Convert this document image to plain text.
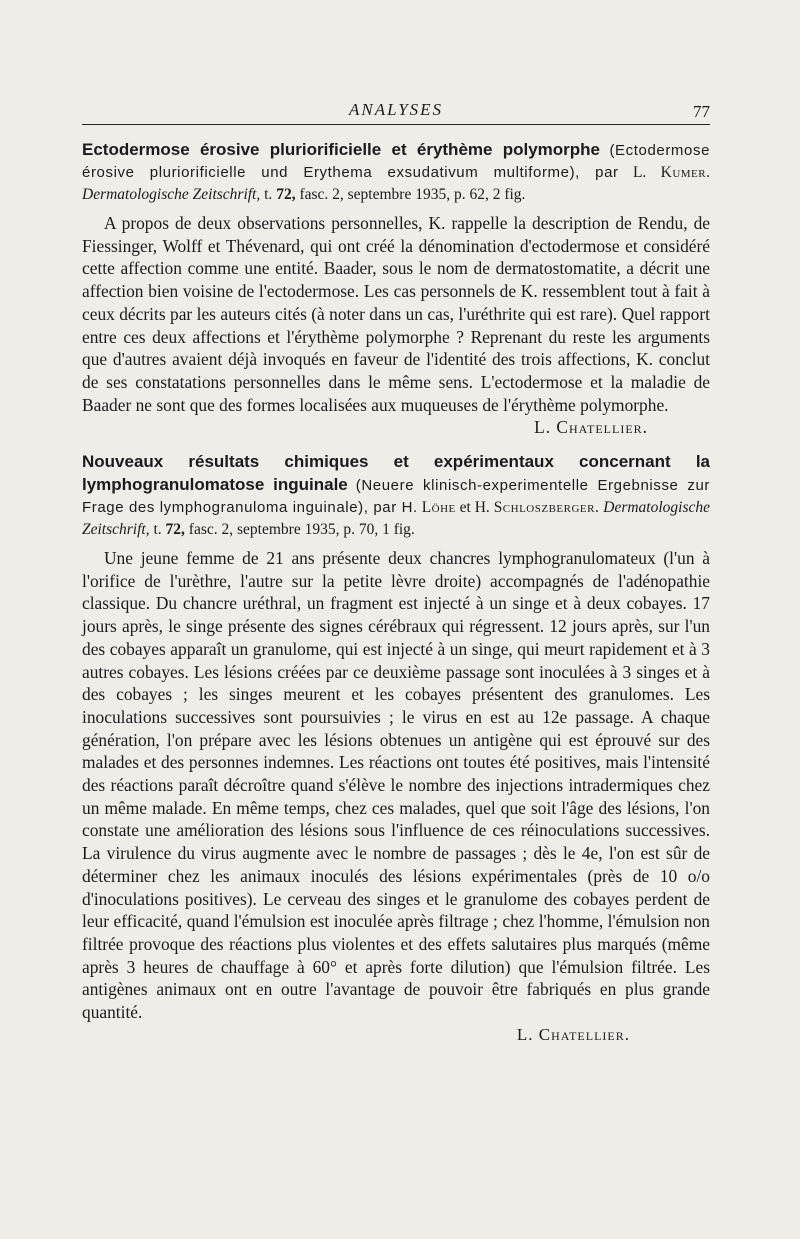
ANALYSES	77
Ectodermose érosive pluriorificielle et érythème polymorphe (Ectodermose érosive pluriorificielle und Erythema exsudativum multiforme), par L. Kumer. Dermatologische Zeitschrift, t. 72, fasc. 2, septembre 1935, p. 62, 2 fig.
A propos de deux observations personnelles, K. rappelle la description de Rendu, de Fiessinger, Wolff et Thévenard, qui ont créé la dénomination d'ectodermose et considéré cette affection comme une entité. Baader, sous le nom de dermatostomatite, a décrit une affection bien voisine de l'ectodermose. Les cas personnels de K. ressemblent tout à fait à ceux décrits par les auteurs cités (à noter dans un cas, l'uréthrite qui est rare). Quel rapport entre ces deux affections et l'érythème polymorphe ? Reprenant du reste les arguments que d'autres avaient déjà invoqués en faveur de l'identité des trois affections, K. conclut de ses constatations personnelles dans le même sens. L'ectodermose et la maladie de Baader ne sont que des formes localisées aux muqueuses de l'érythème polymorphe.
L. Chatellier.
Nouveaux résultats chimiques et expérimentaux concernant la lymphogranulomatose inguinale (Neuere klinisch-experimentelle Ergebnisse zur Frage des lymphogranuloma inguinale), par H. Löhe et H. Schloszberger. Dermatologische Zeitschrift, t. 72, fasc. 2, septembre 1935, p. 70, 1 fig.
Une jeune femme de 21 ans présente deux chancres lymphogranulomateux (l'un à l'orifice de l'urèthre, l'autre sur la petite lèvre droite) accompagnés de l'adénopathie classique. Du chancre uréthral, un fragment est injecté à un singe et à deux cobayes. 17 jours après, le singe présente des signes cérébraux qui régressent. 12 jours après, sur l'un des cobayes apparaît un granulome, qui est injecté à un singe, qui meurt rapidement et à 3 autres cobayes. Les lésions créées par ce deuxième passage sont inoculées à 3 singes et à des cobayes ; les singes meurent et les cobayes présentent des granulomes. Les inoculations successives sont poursuivies ; le virus en est au 12e passage. A chaque génération, l'on prépare avec les lésions obtenues un antigène qui est éprouvé sur des malades et des personnes indemnes. Les réactions ont toutes été positives, mais l'intensité des réactions paraît décroître quand s'élève le nombre des injections intradermiques chez un même malade. En même temps, chez ces malades, quel que soit l'âge des lésions, l'on constate une amélioration des lésions sous l'influence de ces réinoculations successives. La virulence du virus augmente avec le nombre de passages ; dès le 4e, l'on est sûr de déterminer chez les animaux inoculés des lésions expérimentales (près de 10 o/o d'inoculations positives). Le cerveau des singes et le granulome des cobayes perdent de leur efficacité, quand l'émulsion est inoculée après filtrage ; chez l'homme, l'émulsion non filtrée provoque des réactions plus violentes et des effets salutaires plus marqués (même après 3 heures de chauffage à 60° et après forte dilution) que l'émulsion filtrée. Les antigènes animaux ont en outre l'avantage de pouvoir être fabriqués en plus grande quantité.
L. Chatellier.
